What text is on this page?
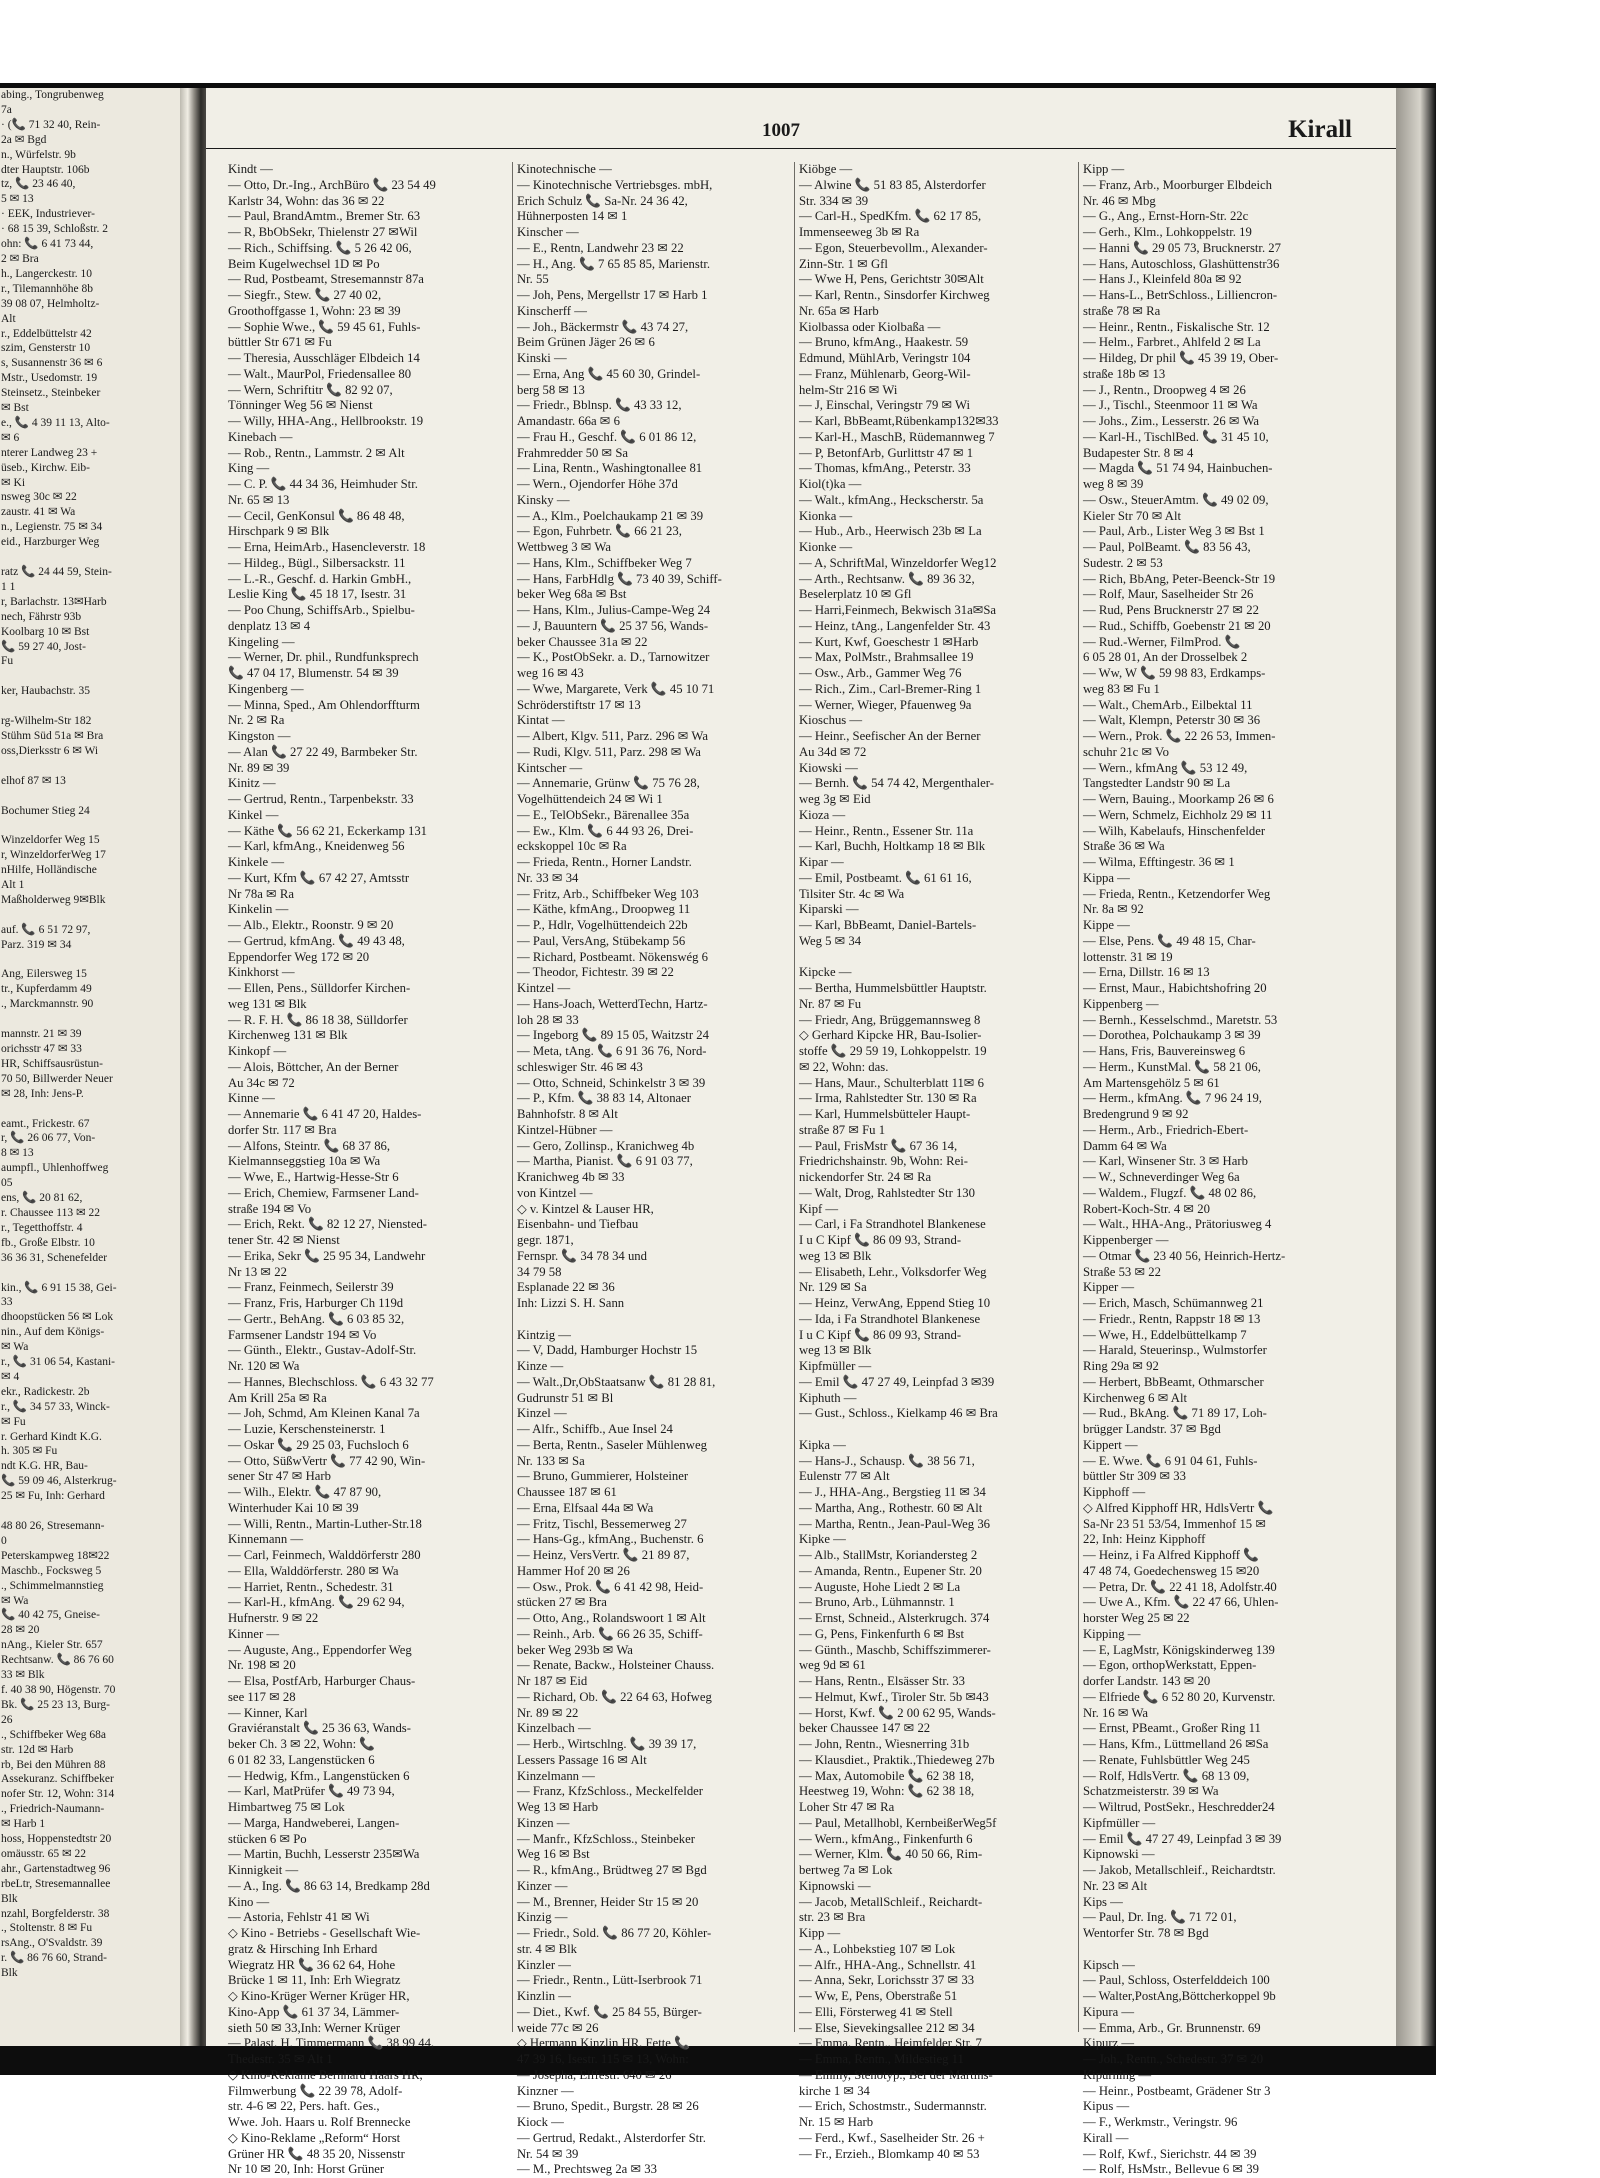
abing., Tongrubenweg
7a
· (📞 71 32 40, Rein-
2a ✉ Bgd
n., Würfelstr. 9b
dter Hauptstr. 106b
tz, 📞 23 46 40,
5 ✉ 13
· EEK, Industriever-
· 68 15 39, Schloßstr. 2
ohn: 📞 6 41 73 44,
2 ✉ Bra
h., Langerckestr. 10
r., Tilemannhöhe 8b
39 08 07, Helmholtz-
Alt
r., Eddelbüttelstr 42
szim, Gensterstr 10
s, Susannenstr 36 ✉ 6
Mstr., Usedomstr. 19
Steinsetz., Steinbeker
✉ Bst
e., 📞 4 39 11 13, Alto-
✉ 6
nterer Landweg 23 +
üseb., Kirchw. Eib-
✉ Ki
nsweg 30c ✉ 22
zaustr. 41 ✉ Wa
n., Legienstr. 75 ✉ 34
eid., Harzburger Weg

ratz 📞 24 44 59, Stein-
1 1
r, Barlachstr. 13✉Harb
nech, Fährstr 93b
Koolbarg 10 ✉ Bst
📞 59 27 40, Jost-
Fu

ker, Haubachstr. 35

rg-Wilhelm-Str 182
Stühm Süd 51a ✉ Bra
oss,Dierksstr 6 ✉ Wi

elhof 87 ✉ 13

Bochumer Stieg 24

Winzeldorfer Weg 15
r, WinzeldorferWeg 17
nHilfe, Holländische
Alt 1
Maßholderweg 9✉Blk

auf. 📞 6 51 72 97,
Parz. 319 ✉ 34

Ang, Eilersweg 15
tr., Kupferdamm 49
., Marckmannstr. 90

mannstr. 21 ✉ 39
orichsstr 47 ✉ 33
HR, Schiffsausrüstun-
70 50, Billwerder Neuer
✉ 28, Inh: Jens-P.

eamt., Frickestr. 67
r, 📞 26 06 77, Von-
8 ✉ 13
aumpfl., Uhlenhoffweg
05
ens, 📞 20 81 62,
r. Chaussee 113 ✉ 22
r., Tegetthoffstr. 4
fb., Große Elbstr. 10
36 36 31, Schenefelder

kin., 📞 6 91 15 38, Gei-
33
dhoopstücken 56 ✉ Lok
nin., Auf dem Königs-
✉ Wa
r., 📞 31 06 54, Kastani-
✉ 4
ekr., Radickestr. 2b
r., 📞 34 57 33, Winck-
✉ Fu
r. Gerhard Kindt K.G.
h. 305 ✉ Fu
ndt K.G. HR, Bau-
📞 59 09 46, Alsterkrug-
25 ✉ Fu, Inh: Gerhard

48 80 26, Stresemann-
0
Peterskampweg 18✉22
Maschb., Focksweg 5
., Schimmelmannstieg
✉ Wa
📞 40 42 75, Gneise-
28 ✉ 20
nAng., Kieler Str. 657
Rechtsanw. 📞 86 76 60
33 ✉ Blk
f. 40 38 90, Högenstr. 70
Bk. 📞 25 23 13, Burg-
26
., Schiffbeker Weg 68a
str. 12d ✉ Harb
rb, Bei den Mühren 88
Assekuranz. Schiffbeker
nofer Str. 12, Wohn: 314
., Friedrich-Naumann-
✉ Harb 1
hoss, Hoppenstedtstr 20
omäusstr. 65 ✉ 22
ahr., Gartenstadtweg 96
rbeLtr, Stresemannallee
Blk
nzahl, Borgfelderstr. 38
., Stoltenstr. 8 ✉ Fu
rsAng., O'Svaldstr. 39
r. 📞 86 76 60, Strand-
Blk
1007	Kirall
Kindt —
— Otto, Dr.-Ing., ArchBüro 📞 23 54 49
Karlstr 34, Wohn: das 36 ✉ 22
— Paul, BrandAmtm., Bremer Str. 63
— R, BbObSekr, Thielenstr 27 ✉Wil
— Rich., Schiffsing. 📞 5 26 42 06,
Beim Kugelwechsel 1D ✉ Po
— Rud, Postbeamt, Stresemannstr 87a
— Siegfr., Stew. 📞 27 40 02,
Groothoffgasse 1, Wohn: 23 ✉ 39
— Sophie Wwe., 📞 59 45 61, Fuhls-
büttler Str 671 ✉ Fu
— Theresia, Ausschläger Elbdeich 14
— Walt., MaurPol, Friedensallee 80
— Wern, Schriftitr 📞 82 92 07,
Tönninger Weg 56 ✉ Nienst
— Willy, HHA-Ang., Hellbrookstr. 19
Kinebach —
— Rob., Rentn., Lammstr. 2 ✉ Alt
King —
— C. P. 📞 44 34 36, Heimhuder Str.
Nr. 65 ✉ 13
— Cecil, GenKonsul 📞 86 48 48,
Hirschpark 9 ✉ Blk
— Erna, HeimArb., Hasencleverstr. 18
— Hildeg., Bügl., Silbersackstr. 11
— L.-R., Geschf. d. Harkin GmbH.,
Leslie King 📞 45 18 17, Isestr. 31
— Poo Chung, SchiffsArb., Spielbu-
denplatz 13 ✉ 4
Kingeling —
— Werner, Dr. phil., Rundfunksprech
📞 47 04 17, Blumenstr. 54 ✉ 39
Kingenberg —
— Minna, Sped., Am Ohlendorffturm
Nr. 2 ✉ Ra
Kingston —
— Alan 📞 27 22 49, Barmbeker Str.
Nr. 89 ✉ 39
Kinitz —
— Gertrud, Rentn., Tarpenbekstr. 33
Kinkel —
— Käthe 📞 56 62 21, Eckerkamp 131
— Karl, kfmAng., Kneidenweg 56
Kinkele —
— Kurt, Kfm 📞 67 42 27, Amtsstr
Nr 78a ✉ Ra
Kinkelin —
— Alb., Elektr., Roonstr. 9 ✉ 20
— Gertrud, kfmAng. 📞 49 43 48,
Eppendorfer Weg 172 ✉ 20
Kinkhorst —
— Ellen, Pens., Sülldorfer Kirchen-
weg 131 ✉ Blk
— R. F. H. 📞 86 18 38, Sülldorfer
Kirchenweg 131 ✉ Blk
Kinkopf —
— Alois, Böttcher, An der Berner
Au 34c ✉ 72
Kinne —
— Annemarie 📞 6 41 47 20, Haldes-
dorfer Str. 117 ✉ Bra
— Alfons, Steintr. 📞 68 37 86,
Kielmannseggstieg 10a ✉ Wa
— Wwe, E., Hartwig-Hesse-Str 6
— Erich, Chemiew, Farmsener Land-
straße 194 ✉ Vo
— Erich, Rekt. 📞 82 12 27, Niensted-
tener Str. 42 ✉ Nienst
— Erika, Sekr 📞 25 95 34, Landwehr
Nr 13 ✉ 22
— Franz, Feinmech, Seilerstr 39
— Franz, Fris, Harburger Ch 119d
— Gertr., BehAng. 📞 6 03 85 32,
Farmsener Landstr 194 ✉ Vo
— Günth., Elektr., Gustav-Adolf-Str.
Nr. 120 ✉ Wa
— Hannes, Blechschloss. 📞 6 43 32 77
Am Krill 25a ✉ Ra
— Joh, Schmd, Am Kleinen Kanal 7a
— Luzie, Kerschensteinerstr. 1
— Oskar 📞 29 25 03, Fuchsloch 6
— Otto, SüßwVertr 📞 77 42 90, Win-
sener Str 47 ✉ Harb
— Wilh., Elektr. 📞 47 87 90,
Winterhuder Kai 10 ✉ 39
— Willi, Rentn., Martin-Luther-Str.18
Kinnemann —
— Carl, Feinmech, Walddörferstr 280
— Ella, Walddörferstr. 280 ✉ Wa
— Harriet, Rentn., Schedestr. 31
— Karl-H., kfmAng. 📞 29 62 94,
Hufnerstr. 9 ✉ 22
Kinner —
— Auguste, Ang., Eppendorfer Weg
Nr. 198 ✉ 20
— Elsa, PostfArb, Harburger Chaus-
see 117 ✉ 28
— Kinner, Karl
Graviéranstalt 📞 25 36 63, Wands-
beker Ch. 3 ✉ 22, Wohn: 📞
6 01 82 33, Langenstücken 6
— Hedwig, Kfm., Langenstücken 6
— Karl, MatPrüfer 📞 49 73 94,
Himbartweg 75 ✉ Lok
— Marga, Handweberei, Langen-
stücken 6 ✉ Po
— Martin, Buchh, Lesserstr 235✉Wa
Kinnigkeit —
— A., Ing. 📞 86 63 14, Bredkamp 28d
Kino —
— Astoria, Fehlstr 41 ✉ Wi
◇ Kino - Betriebs - Gesellschaft Wie-
gratz & Hirsching Inh Erhard
Wiegratz HR 📞 36 62 64, Hohe
Brücke 1 ✉ 11, Inh: Erh Wiegratz
◇ Kino-Krüger Werner Krüger HR,
Kino-App 📞 61 37 34, Lämmer-
sieth 50 ✉ 33,Inh: Werner Krüger
— Palast, H. Timmermann 📞 38 99 44,
Thedestr. 35 ✉ Alt 1
◇ Kino-Reklame Bernhard Haars HR,
Filmwerbung 📞 22 39 78, Adolf-
str. 4-6 ✉ 22, Pers. haft. Ges.,
Wwe. Joh. Haars u. Rolf Brennecke
◇ Kino-Reklame „Reform“ Horst
Grüner HR 📞 48 35 20, Nissenstr
Nr 10 ✉ 20, Inh: Horst Grüner
Kinotechnische —
— Kinotechnische Vertriebsges. mbH,
Erich Schulz 📞 Sa-Nr. 24 36 42,
Hühnerposten 14 ✉ 1
Kinscher —
— E., Rentn, Landwehr 23 ✉ 22
— H., Ang. 📞 7 65 85 85, Marienstr.
Nr. 55
— Joh, Pens, Mergellstr 17 ✉ Harb 1
Kinscherff —
— Joh., Bäckermstr 📞 43 74 27,
Beim Grünen Jäger 26 ✉ 6
Kinski —
— Erna, Ang 📞 45 60 30, Grindel-
berg 58 ✉ 13
— Friedr., Bblnsp. 📞 43 33 12,
Amandastr. 66a ✉ 6
— Frau H., Geschf. 📞 6 01 86 12,
Frahmredder 50 ✉ Sa
— Lina, Rentn., Washingtonallee 81
— Wern., Ojendorfer Höhe 37d
Kinsky —
— A., Klm., Poelchaukamp 21 ✉ 39
— Egon, Fuhrbetr. 📞 66 21 23,
Wettbweg 3 ✉ Wa
— Hans, Klm., Schiffbeker Weg 7
— Hans, FarbHdlg 📞 73 40 39, Schiff-
beker Weg 68a ✉ Bst
— Hans, Klm., Julius-Campe-Weg 24
— J, Bauuntern 📞 25 37 56, Wands-
beker Chaussee 31a ✉ 22
— K., PostObSekr. a. D., Tarnowitzer
weg 16 ✉ 43
— Wwe, Margarete, Verk 📞 45 10 71
Schröderstiftstr 17 ✉ 13
Kintat —
— Albert, Klgv. 511, Parz. 296 ✉ Wa
— Rudi, Klgv. 511, Parz. 298 ✉ Wa
Kintscher —
— Annemarie, Grünw 📞 75 76 28,
Vogelhüttendeich 24 ✉ Wi 1
— E., TelObSekr., Bärenallee 35a
— Ew., Klm. 📞 6 44 93 26, Drei-
eckskoppel 10c ✉ Ra
— Frieda, Rentn., Horner Landstr.
Nr. 33 ✉ 34
— Fritz, Arb., Schiffbeker Weg 103
— Käthe, kfmAng., Droopweg 11
— P., Hdlr, Vogelhüttendeich 22b
— Paul, VersAng, Stübekamp 56
— Richard, Postbeamt. Nökenswég 6
— Theodor, Fichtestr. 39 ✉ 22
Kintzel —
— Hans-Joach, WetterdTechn, Hartz-
loh 28 ✉ 33
— Ingeborg 📞 89 15 05, Waitzstr 24
— Meta, tAng. 📞 6 91 36 76, Nord-
schleswiger Str. 46 ✉ 43
— Otto, Schneid, Schinkelstr 3 ✉ 39
— P., Kfm. 📞 38 83 14, Altonaer
Bahnhofstr. 8 ✉ Alt
Kintzel-Hübner —
— Gero, Zollinsp., Kranichweg 4b
— Martha, Pianist. 📞 6 91 03 77,
Kranichweg 4b ✉ 33
von Kintzel —
◇ v. Kintzel & Lauser HR,
Eisenbahn- und Tiefbau
gegr. 1871,
Fernspr. 📞 34 78 34 und
34 79 58
Esplanade 22 ✉ 36
Inh: Lizzi S. H. Sann

Kintzig —
— V, Dadd, Hamburger Hochstr 15
Kinze —
— Walt.,Dr,ObStaatsanw 📞 81 28 81,
Gudrunstr 51 ✉ Bl
Kinzel —
— Alfr., Schiffb., Aue Insel 24
— Berta, Rentn., Saseler Mühlenweg
Nr. 133 ✉ Sa
— Bruno, Gummierer, Holsteiner
Chaussee 187 ✉ 61
— Erna, Elfsaal 44a ✉ Wa
— Fritz, Tischl, Bessemerweg 27
— Hans-Gg., kfmAng., Buchenstr. 6
— Heinz, VersVertr. 📞 21 89 87,
Hammer Hof 20 ✉ 26
— Osw., Prok. 📞 6 41 42 98, Heid-
stücken 27 ✉ Bra
— Otto, Ang., Rolandswoort 1 ✉ Alt
— Reinh., Arb. 📞 66 26 35, Schiff-
beker Weg 293b ✉ Wa
— Renate, Backw., Holsteiner Chauss.
Nr 187 ✉ Eid
— Richard, Ob. 📞 22 64 63, Hofweg
Nr. 89 ✉ 22
Kinzelbach —
— Herb., Wirtschlng. 📞 39 39 17,
Lessers Passage 16 ✉ Alt
Kinzelmann —
— Franz, KfzSchloss., Meckelfelder
Weg 13 ✉ Harb
Kinzen —
— Manfr., KfzSchloss., Steinbeker
Weg 16 ✉ Bst
— R., kfmAng., Brüdtweg 27 ✉ Bgd
Kinzer —
— M., Brenner, Heider Str 15 ✉ 20
Kinzig —
— Friedr., Sold. 📞 86 77 20, Köhler-
str. 4 ✉ Blk
Kinzler —
— Friedr., Rentn., Lütt-Iserbrook 71
Kinzlin —
— Diet., Kwf. 📞 25 84 55, Bürger-
weide 77c ✉ 26
◇ Hermann Kinzlin HR, Fette 📞
47 39 16, Isestr. 115 ✉ 13, Wohn:
— Josepha, Elffestr. 640 ✉ 26
Kinzner —
— Bruno, Spedit., Burgstr. 28 ✉ 26
Kiock —
— Gertrud, Redakt., Alsterdorfer Str.
Nr. 54 ✉ 39
— M., Prechtsweg 2a ✉ 33
Kiöbge —
— Alwine 📞 51 83 85, Alsterdorfer
Str. 334 ✉ 39
— Carl-H., SpedKfm. 📞 62 17 85,
Immenseeweg 3b ✉ Ra
— Egon, Steuerbevollm., Alexander-
Zinn-Str. 1 ✉ Gfl
— Wwe H, Pens, Gerichtstr 30✉Alt
— Karl, Rentn., Sinsdorfer Kirchweg
Nr. 65a ✉ Harb
Kiolbassa oder Kiolbaßa —
— Bruno, kfmAng., Haakestr. 59
Edmund, MühlArb, Veringstr 104
— Franz, Mühlenarb, Georg-Wil-
helm-Str 216 ✉ Wi
— J, Einschal, Veringstr 79 ✉ Wi
— Karl, BbBeamt,Rübenkamp132✉33
— Karl-H., MaschB, Rüdemannweg 7
— P, BetonfArb, Gurlittstr 47 ✉ 1
— Thomas, kfmAng., Peterstr. 33
Kiol(t)ka —
— Walt., kfmAng., Heckscherstr. 5a
Kionka —
— Hub., Arb., Heerwisch 23b ✉ La
Kionke —
— A, SchriftMal, Winzeldorfer Weg12
— Arth., Rechtsanw. 📞 89 36 32,
Beselerplatz 10 ✉ Gfl
— Harri,Feinmech, Bekwisch 31a✉Sa
— Heinz, tAng., Langenfelder Str. 43
— Kurt, Kwf, Goeschestr 1 ✉Harb
— Max, PolMstr., Brahmsallee 19
— Osw., Arb., Gammer Weg 76
— Rich., Zim., Carl-Bremer-Ring 1
— Werner, Wieger, Pfauenweg 9a
Kioschus —
— Heinr., Seefischer An der Berner
Au 34d ✉ 72
Kiowski —
— Bernh. 📞 54 74 42, Mergenthaler-
weg 3g ✉ Eid
Kioza —
— Heinr., Rentn., Essener Str. 11a
— Karl, Buchh, Holtkamp 18 ✉ Blk
Kipar —
— Emil, Postbeamt. 📞 61 61 16,
Tilsiter Str. 4c ✉ Wa
Kiparski —
— Karl, BbBeamt, Daniel-Bartels-
Weg 5 ✉ 34

Kipcke —
— Bertha, Hummelsbüttler Hauptstr.
Nr. 87 ✉ Fu
— Friedr, Ang, Brüggemannsweg 8
◇ Gerhard Kipcke HR, Bau-Isolier-
stoffe 📞 29 59 19, Lohkoppelstr. 19
✉ 22, Wohn: das.
— Hans, Maur., Schulterblatt 11✉ 6
— Irma, Rahlstedter Str. 130 ✉ Ra
— Karl, Hummelsbütteler Haupt-
straße 87 ✉ Fu 1
— Paul, FrisMstr 📞 67 36 14,
Friedrichshainstr. 9b, Wohn: Rei-
nickendorfer Str. 24 ✉ Ra
— Walt, Drog, Rahlstedter Str 130
Kipf —
— Carl, i Fa Strandhotel Blankenese
I u C Kipf 📞 86 09 93, Strand-
weg 13 ✉ Blk
— Elisabeth, Lehr., Volksdorfer Weg
Nr. 129 ✉ Sa
— Heinz, VerwAng, Eppend Stieg 10
— Ida, i Fa Strandhotel Blankenese
I u C Kipf 📞 86 09 93, Strand-
weg 13 ✉ Blk
Kipfmüller —
— Emil 📞 47 27 49, Leinpfad 3 ✉39
Kiphuth —
— Gust., Schloss., Kielkamp 46 ✉ Bra

Kipka —
— Hans-J., Schausp. 📞 38 56 71,
Eulenstr 77 ✉ Alt
— J., HHA-Ang., Bergstieg 11 ✉ 34
— Martha, Ang., Rothestr. 60 ✉ Alt
— Martha, Rentn., Jean-Paul-Weg 36
Kipke —
— Alb., StallMstr, Koriandersteg 2
— Amanda, Rentn., Eupener Str. 20
— Auguste, Hohe Liedt 2 ✉ La
— Bruno, Arb., Lühmannstr. 1
— Ernst, Schneid., Alsterkrugch. 374
— G, Pens, Finkenfurth 6 ✉ Bst
— Günth., Maschb, Schiffszimmerer-
weg 9d ✉ 61
— Hans, Rentn., Elsässer Str. 33
— Helmut, Kwf., Tiroler Str. 5b ✉43
— Horst, Kwf. 📞 2 00 62 95, Wands-
beker Chaussee 147 ✉ 22
— John, Rentn., Wiesnerring 31b
— Klausdiet., Praktik.,Thiedeweg 27b
— Max, Automobile 📞 62 38 18,
Heestweg 19, Wohn: 📞 62 38 18,
Loher Str 47 ✉ Ra
— Paul, Metallhobl, KernbeißerWeg5f
— Wern., kfmAng., Finkenfurth 6
— Werner, Klm. 📞 40 50 66, Rim-
bertweg 7a ✉ Lok
Kipnowski —
— Jacob, MetallSchleif., Reichardt-
str. 23 ✉ Bra
Kipp —
— A., Lohbekstieg 107 ✉ Lok
— Alfr., HHA-Ang., Schnellstr. 41
— Anna, Sekr, Lorichsstr 37 ✉ 33
— Ww, E, Pens, Oberstraße 51
— Elli, Försterweg 41 ✉ Stell
— Else, Sievekingsallee 212 ✉ 34
— Emma, Rentn., Heimfelder Str. 7
— Emma, Rentn., Mildestieg 11
— Emmy, Stenotyp., Bei der Martins-
kirche 1 ✉ 34
— Erich, Schostmstr., Sudermannstr.
Nr. 15 ✉ Harb
— Ferd., Kwf., Saselheider Str. 26 +
— Fr., Erzieh., Blomkamp 40 ✉ 53
Kipp —
— Franz, Arb., Moorburger Elbdeich
Nr. 46 ✉ Mbg
— G., Ang., Ernst-Horn-Str. 22c
— Gerh., Klm., Lohkoppelstr. 19
— Hanni 📞 29 05 73, Brucknerstr. 27
— Hans, Autoschloss, Glashüttenstr36
— Hans J., Kleinfeld 80a ✉ 92
— Hans-L., BetrSchloss., Lilliencron-
straße 78 ✉ Ra
— Heinr., Rentn., Fiskalische Str. 12
— Helm., Farbret., Ahlfeld 2 ✉ La
— Hildeg, Dr phil 📞 45 39 19, Ober-
straße 18b ✉ 13
— J., Rentn., Droopweg 4 ✉ 26
— J., Tischl., Steenmoor 11 ✉ Wa
— Johs., Zim., Lesserstr. 26 ✉ Wa
— Karl-H., TischlBed. 📞 31 45 10,
Budapester Str. 8 ✉ 4
— Magda 📞 51 74 94, Hainbuchen-
weg 8 ✉ 39
— Osw., SteuerAmtm. 📞 49 02 09,
Kieler Str 70 ✉ Alt
— Paul, Arb., Lister Weg 3 ✉ Bst 1
— Paul, PolBeamt. 📞 83 56 43,
Sudestr. 2 ✉ 53
— Rich, BbAng, Peter-Beenck-Str 19
— Rolf, Maur, Saselheider Str 26
— Rud, Pens Brucknerstr 27 ✉ 22
— Rud., Schiffb, Goebenstr 21 ✉ 20
— Rud.-Werner, FilmProd. 📞
6 05 28 01, An der Drosselbek 2
— Ww, W 📞 59 98 83, Erdkamps-
weg 83 ✉ Fu 1
— Walt., ChemArb., Eilbektal 11
— Walt, Klempn, Peterstr 30 ✉ 36
— Wern., Prok. 📞 22 26 53, Immen-
schuhr 21c ✉ Vo
— Wern., kfmAng 📞 53 12 49,
Tangstedter Landstr 90 ✉ La
— Wern, Bauing., Moorkamp 26 ✉ 6
— Wern, Schmelz, Eichholz 29 ✉ 11
— Wilh, Kabelaufs, Hinschenfelder
Straße 36 ✉ Wa
— Wilma, Efftingestr. 36 ✉ 1
Kippa —
— Frieda, Rentn., Ketzendorfer Weg
Nr. 8a ✉ 92
Kippe —
— Else, Pens. 📞 49 48 15, Char-
lottenstr. 31 ✉ 19
— Erna, Dillstr. 16 ✉ 13
— Ernst, Maur., Habichtshofring 20
Kippenberg —
— Bernh., Kesselschmd., Maretstr. 53
— Dorothea, Polchaukamp 3 ✉ 39
— Hans, Fris, Bauvereinsweg 6
— Herm., KunstMal. 📞 58 21 06,
Am Martensgehölz 5 ✉ 61
— Herm., kfmAng. 📞 7 96 24 19,
Bredengrund 9 ✉ 92
— Herm., Arb., Friedrich-Ebert-
Damm 64 ✉ Wa
— Karl, Winsener Str. 3 ✉ Harb
— W., Schneverdinger Weg 6a
— Waldem., Flugzf. 📞 48 02 86,
Robert-Koch-Str. 4 ✉ 20
— Walt., HHA-Ang., Prätoriusweg 4
Kippenberger —
— Otmar 📞 23 40 56, Heinrich-Hertz-
Straße 53 ✉ 22
Kipper —
— Erich, Masch, Schümannweg 21
— Friedr., Rentn, Rappstr 18 ✉ 13
— Wwe, H., Eddelbüttelkamp 7
— Harald, Steuerinsp., Wulmstorfer
Ring 29a ✉ 92
— Herbert, BbBeamt, Othmarscher
Kirchenweg 6 ✉ Alt
— Rud., BkAng. 📞 71 89 17, Loh-
brügger Landstr. 37 ✉ Bgd
Kippert —
— E. Wwe. 📞 6 91 04 61, Fuhls-
büttler Str 309 ✉ 33
Kipphoff —
◇ Alfred Kipphoff HR, HdlsVertr 📞
Sa-Nr 23 51 53/54, Immenhof 15 ✉
22, Inh: Heinz Kipphoff
— Heinz, i Fa Alfred Kipphoff 📞
47 48 74, Goedechensweg 15 ✉20
— Petra, Dr. 📞 22 41 18, Adolfstr.40
— Uwe A., Kfm. 📞 22 47 66, Uhlen-
horster Weg 25 ✉ 22
Kipping —
— E, LagMstr, Königskinderweg 139
— Egon, orthopWerkstatt, Eppen-
dorfer Landstr. 143 ✉ 20
— Elfriede 📞 6 52 80 20, Kurvenstr.
Nr. 16 ✉ Wa
— Ernst, PBeamt., Großer Ring 11
— Hans, Kfm., Lüttmelland 26 ✉Sa
— Renate, Fuhlsbüttler Weg 245
— Rolf, HdlsVertr. 📞 68 13 09,
Schatzmeisterstr. 39 ✉ Wa
— Wiltrud, PostSekr., Heschredder24
Kipfmüller —
— Emil 📞 47 27 49, Leinpfad 3 ✉ 39
Kipnowski —
— Jakob, Metallschleif., Reichardtstr.
Nr. 23 ✉ Alt
Kips —
— Paul, Dr. Ing. 📞 71 72 01,
Wentorfer Str. 78 ✉ Bgd

Kipsch —
— Paul, Schloss, Osterfelddeich 100
— Walter,PostAng,Böttcherkoppel 9b
Kipura —
— Emma, Arb., Gr. Brunnenstr. 69
Kipurz —
— Joh., Rentn., Schedestr. 37 ✉ 20
Kipurning —
— Heinr., Postbeamt, Grädener Str 3
Kipus —
— F., Werkmstr., Veringstr. 96
Kirall —
— Rolf, Kwf., Sierichstr. 44 ✉ 39
— Rolf, HsMstr., Bellevue 6 ✉ 39
